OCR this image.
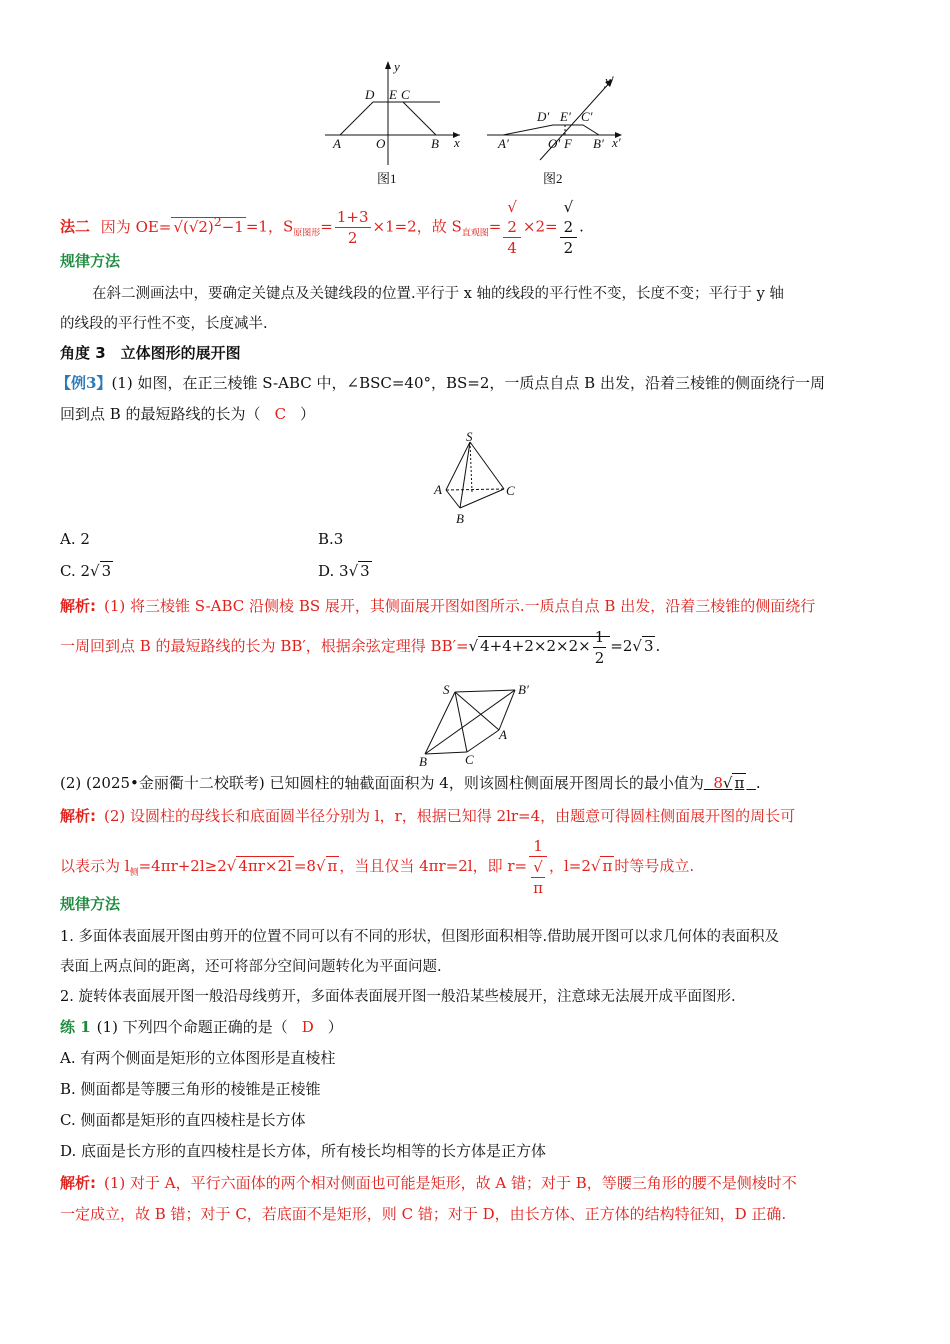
y
x
D E C
A	O	B
图1
y′
x′
D′ E′ C′
A′	O′ F B′
图2
法二 因为 $OE= √(√2)^2-1 =1$，$S_{原图形}= \frac{1+3}{2} \times 1=2$，故 $S_{直观图}=$ √
2
4 ×2= √
2
2 .
规律方法
在斜二测画法中，要确定关键点及关键线段的位置.平行于 x 轴的线段的平行性不变，长度不变；平行于 y 轴
的线段的平行性不变，长度减半.
角度 3　立体图形的展开图
【例3】(1) 如图，在正三棱锥 S-ABC 中，∠BSC=40°，BS=2，一质点自点 B 出发，沿着三棱锥的侧面绕行一周
回到点 B 的最短路线的长为（ C ）
S
A
B
C
A. 2	B.3
C. 2√ 3	D. 3√ 3
解析: (1) 将三棱锥 S-ABC 沿侧棱 BS 展开，其侧面展开图如图所示.一质点自点 B 出发，沿着三棱锥的侧面绕行
一周回到点 B 的最短路线的长为 BB′，根据余弦定理得 BB′=√ $4+4+2\times 2\times 2\times \frac{1}{2} =2√$ 3 .
S	B′
A
B	C
(2) (2025•金丽衢十二校联考) 已知圆柱的轴截面面积为 4，则该圆柱侧面展开图周长的最小值为 8√ π .
解析: (2) 设圆柱的母线长和底面圆半径分别为 l，r，根据已知得 2lr=4，由题意可得圆柱侧面展开图的周长可
以表示为 $l_侧=4\pi r+2l\ge 2√$ 4πr×2l =8√ π ，当且仅当 4πr=2l，即 r= 1
√
π ，l=2√ π 时等号成立.
规律方法
1. 多面体表面展开图由剪开的位置不同可以有不同的形状，但图形面积相等.借助展开图可以求几何体的表面积及
表面上两点间的距离，还可将部分空间问题转化为平面问题.
2. 旋转体表面展开图一般沿母线剪开，多面体表面展开图一般沿某些棱展开，注意球无法展开成平面图形.
练 1 (1) 下列四个命题正确的是（ D ）
A. 有两个侧面是矩形的立体图形是直棱柱
B. 侧面都是等腰三角形的棱锥是正棱锥
C. 侧面都是矩形的直四棱柱是长方体
D. 底面是长方形的直四棱柱是长方体，所有棱长均相等的长方体是正方体
解析: (1) 对于 A，平行六面体的两个相对侧面也可能是矩形，故 A 错；对于 B，等腰三角形的腰不是侧棱时不
一定成立，故 B 错；对于 C，若底面不是矩形，则 C 错；对于 D，由长方体、正方体的结构特征知，D 正确.
